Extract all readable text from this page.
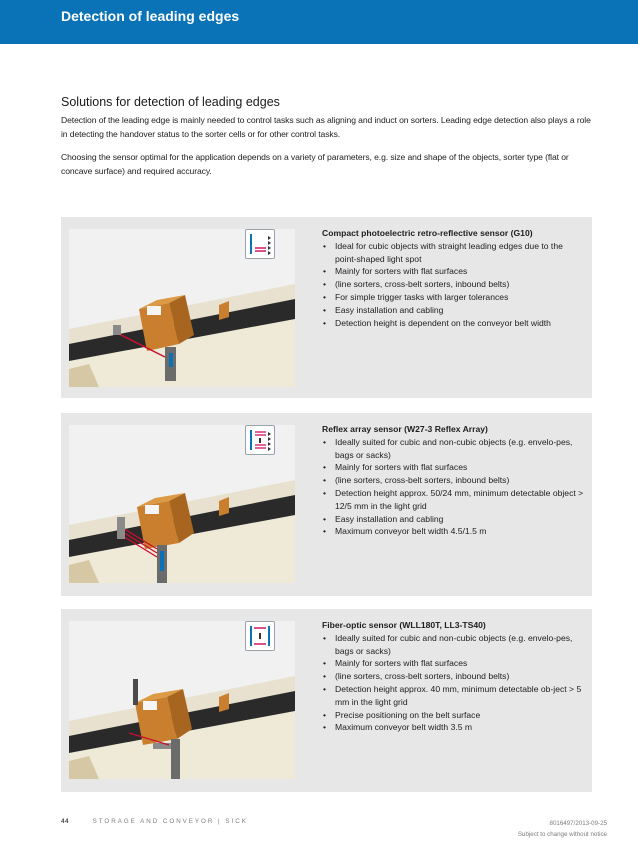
Detection of leading edges
Solutions for detection of leading edges

Detection of the leading edge is mainly needed to control tasks such as aligning and induct on sorters. Leading edge detection also plays a role in detecting the handover status to the sorter cells or for other control tasks.

Choosing the sensor optimal for the application depends on a variety of parameters, e.g. size and shape of the objects, sorter type (flat or concave surface) and required accuracy.

Compact photoelectric retro-reflective sensor (G10)
• Ideal for cubic objects with straight leading edges due to the point-shaped light spot
• Mainly for sorters with flat surfaces
• (line sorters, cross-belt sorters, inbound belts)
• For simple trigger tasks with larger tolerances
• Easy installation and cabling
• Detection height is dependent on the conveyor belt width
Reflex array sensor (W27-3 Reflex Array)
• Ideally suited for cubic and non-cubic objects (e.g. envelo-pes, bags or sacks)
• Mainly for sorters with flat surfaces
• (line sorters, cross-belt sorters, inbound belts)
• Detection height approx. 50/24 mm, minimum detectable object > 12/5 mm in the light grid
• Easy installation and cabling
• Maximum conveyor belt width 4.5/1.5 m
Fiber-optic sensor (WLL180T, LL3-TS40)
• Ideally suited for cubic and non-cubic objects (e.g. envelo-pes, bags or sacks)
• Mainly for sorters with flat surfaces
• (line sorters, cross-belt sorters, inbound belts)
• Detection height approx. 40 mm, minimum detectable ob-ject > 5 mm in the light grid
• Precise positioning on the belt surface
• Maximum conveyor belt width 3.5 m
44	STORAGE AND CONVEYOR | SICK	8016497/2013-09-25
Subject to change without notice
